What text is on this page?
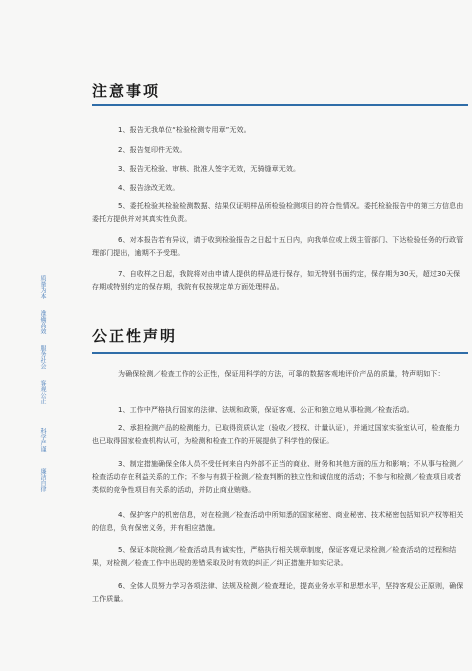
注意事项

1、报告无我单位“检验检测专用章”无效。

2、报告复印件无效。

3、报告无检验、审核、批准人签字无效，无骑缝章无效。

4、报告涂改无效。

5、委托检验其检验检测数据、结果仅证明样品所检验检测项目的符合性情况。委托检验报告中的第三方信息由委托方提供并对其真实性负责。

6、对本报告若有异议，请于收到检验报告之日起十五日内，向我单位或上级主管部门、下达检验任务的行政管理部门提出，逾期不予受理。

7、自收样之日起，我院将对由申请人提供的样品进行保存，如无特别书面约定，保存期为30天，超过30天保存期或特别约定的保存期，我院有权按规定单方面处理样品。

公正性声明

为确保检测／检查工作的公正性，保证用科学的方法，可靠的数据客观地评价产品的质量，特声明如下：

1、工作中严格执行国家的法律、法规和政策，保证客观、公正和独立地从事检测／检查活动。

2、承担检测产品的检测能力，已取得资质认定（验收／授权、计量认证），并通过国家实验室认可，检查能力也已取得国家检查机构认可，为检测和检查工作的开展提供了科学性的保证。

3、制定措施确保全体人员不受任何来自内外部不正当的商业、财务和其他方面的压力和影响；不从事与检测／检查活动存在利益关系的工作；不参与有损于检测／检查判断的独立性和诚信度的活动；不参与和检测／检查项目或者类似的竞争性项目有关系的活动，并防止商业贿赂。

4、保护客户的机密信息，对在检测／检查活动中所知悉的国家秘密、商业秘密、技术秘密包括知识产权等相关的信息，负有保密义务，并有相应措施。

5、保证本院检测／检查活动具有诚实性，严格执行相关规章制度，保证客观记录检测／检查活动的过程和结果，对检测／检查工作中出现的差错采取及时有效的纠正／纠正措施并如实记录。

6、全体人员努力学习各项法律、法规及检测／检查理论，提高业务水平和思想水平，坚持客观公正原则，确保工作质量。

质量为本
准确高效
服务社会
客观公正
科学严谨
廉洁自律
